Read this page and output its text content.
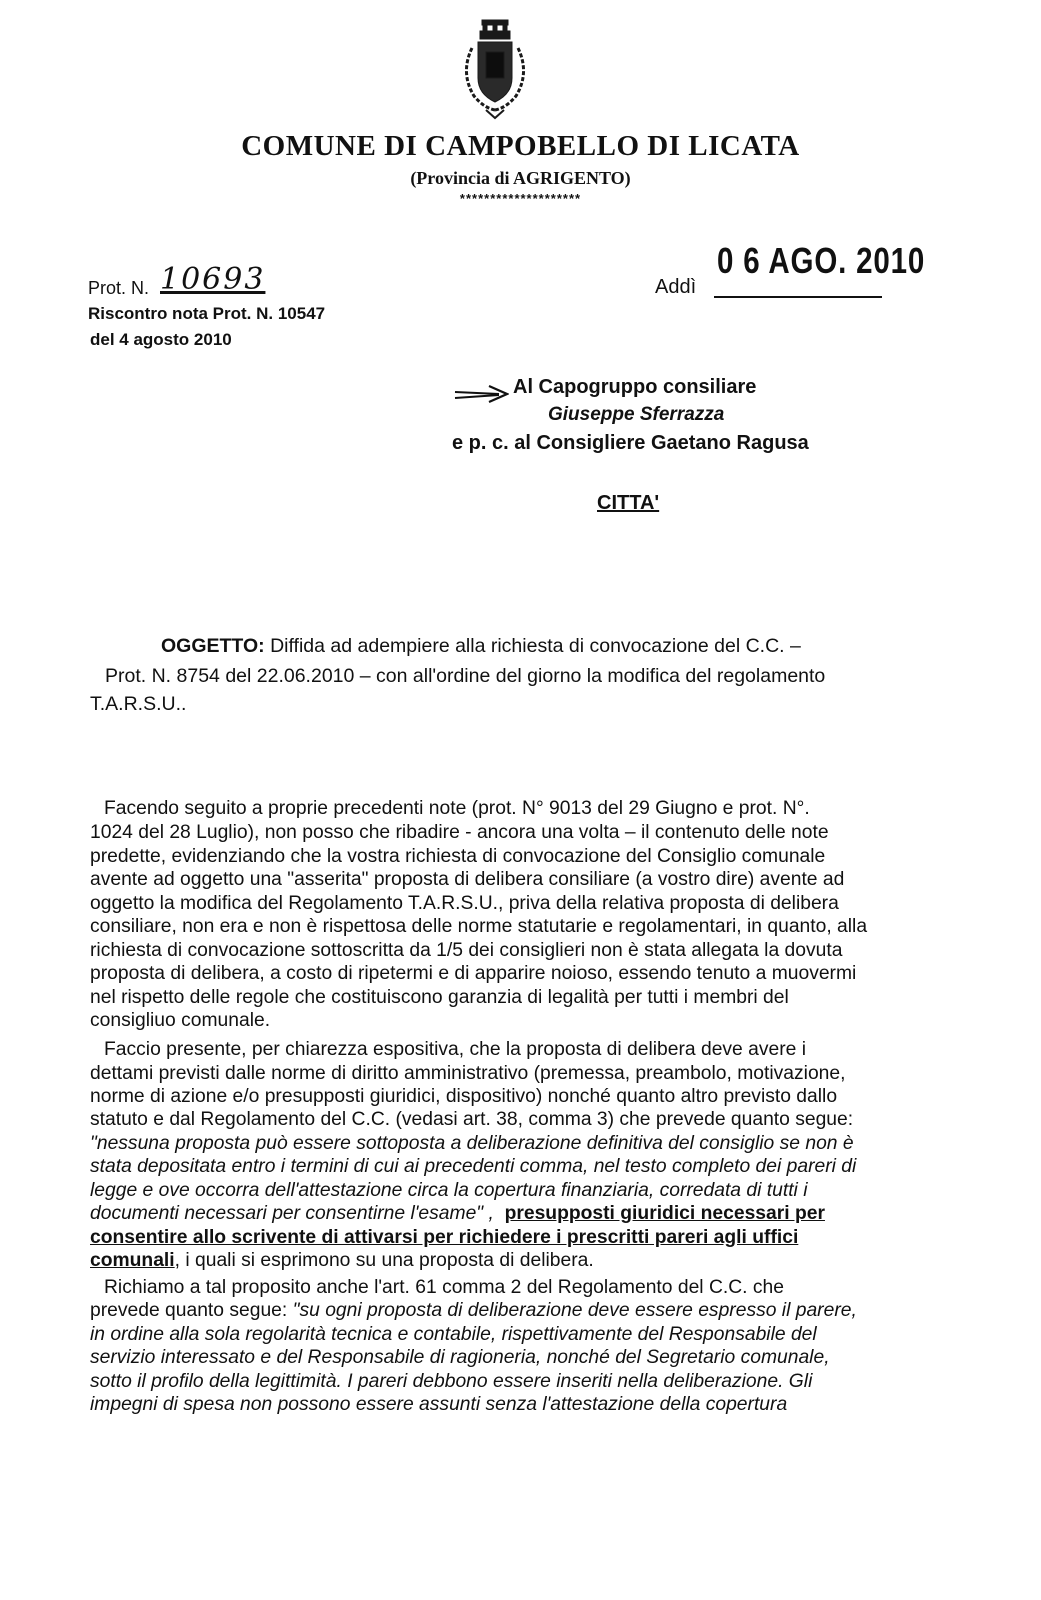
COMUNE DI CAMPOBELLO DI LICATA
(Provincia di AGRIGENTO)
********************
Prot. N. 10693
Riscontro nota Prot. N. 10547
del 4 agosto 2010
Addì
0 6 AGO. 2010
Al Capogruppo consiliare
Giuseppe Sferrazza
e p. c. al Consigliere Gaetano Ragusa
CITTA'
OGGETTO: Diffida ad adempiere alla richiesta di convocazione del C.C. –
Prot. N. 8754 del 22.06.2010 – con all'ordine del giorno la modifica del regolamento
T.A.R.S.U..
Facendo seguito a proprie precedenti note (prot. N° 9013 del 29 Giugno e prot. N°.
1024 del 28 Luglio), non posso che ribadire - ancora una volta – il contenuto delle note
predette, evidenziando che la vostra richiesta di convocazione del Consiglio comunale
avente ad oggetto una "asserita" proposta di delibera consiliare (a vostro dire) avente ad
oggetto la modifica del Regolamento T.A.R.S.U., priva della relativa proposta di delibera
consiliare, non era e non è rispettosa delle norme statutarie e regolamentari, in quanto, alla
richiesta di convocazione sottoscritta da 1/5 dei consiglieri non è stata allegata la dovuta
proposta di delibera, a costo di ripetermi e di apparire noioso, essendo tenuto a muovermi
nel rispetto delle regole che costituiscono garanzia di legalità per tutti i membri del
consigliuo comunale.
Faccio presente, per chiarezza espositiva, che la proposta di delibera deve avere i
dettami previsti dalle norme di diritto amministrativo (premessa, preambolo, motivazione,
norme di azione e/o presupposti giuridici, dispositivo) nonché quanto altro previsto dallo
statuto e dal Regolamento del C.C. (vedasi art. 38, comma 3) che prevede quanto segue:
"nessuna proposta può essere sottoposta a deliberazione definitiva del consiglio se non è
stata depositata entro i termini di cui ai precedenti comma, nel testo completo dei pareri di
legge e ove occorra dell'attestazione circa la copertura finanziaria, corredata di tutti i
documenti necessari per consentirne l'esame" , presupposti giuridici necessari per
consentire allo scrivente di attivarsi per richiedere i prescritti pareri agli uffici
comunali, i quali si esprimono su una proposta di delibera.
Richiamo a tal proposito anche l'art. 61 comma 2 del Regolamento del C.C. che
prevede quanto segue: "su ogni proposta di deliberazione deve essere espresso il parere,
in ordine alla sola regolarità tecnica e contabile, rispettivamente del Responsabile del
servizio interessato e del Responsabile di ragioneria, nonché del Segretario comunale,
sotto il profilo della legittimità. I pareri debbono essere inseriti nella deliberazione. Gli
impegni di spesa non possono essere assunti senza l'attestazione della copertura
